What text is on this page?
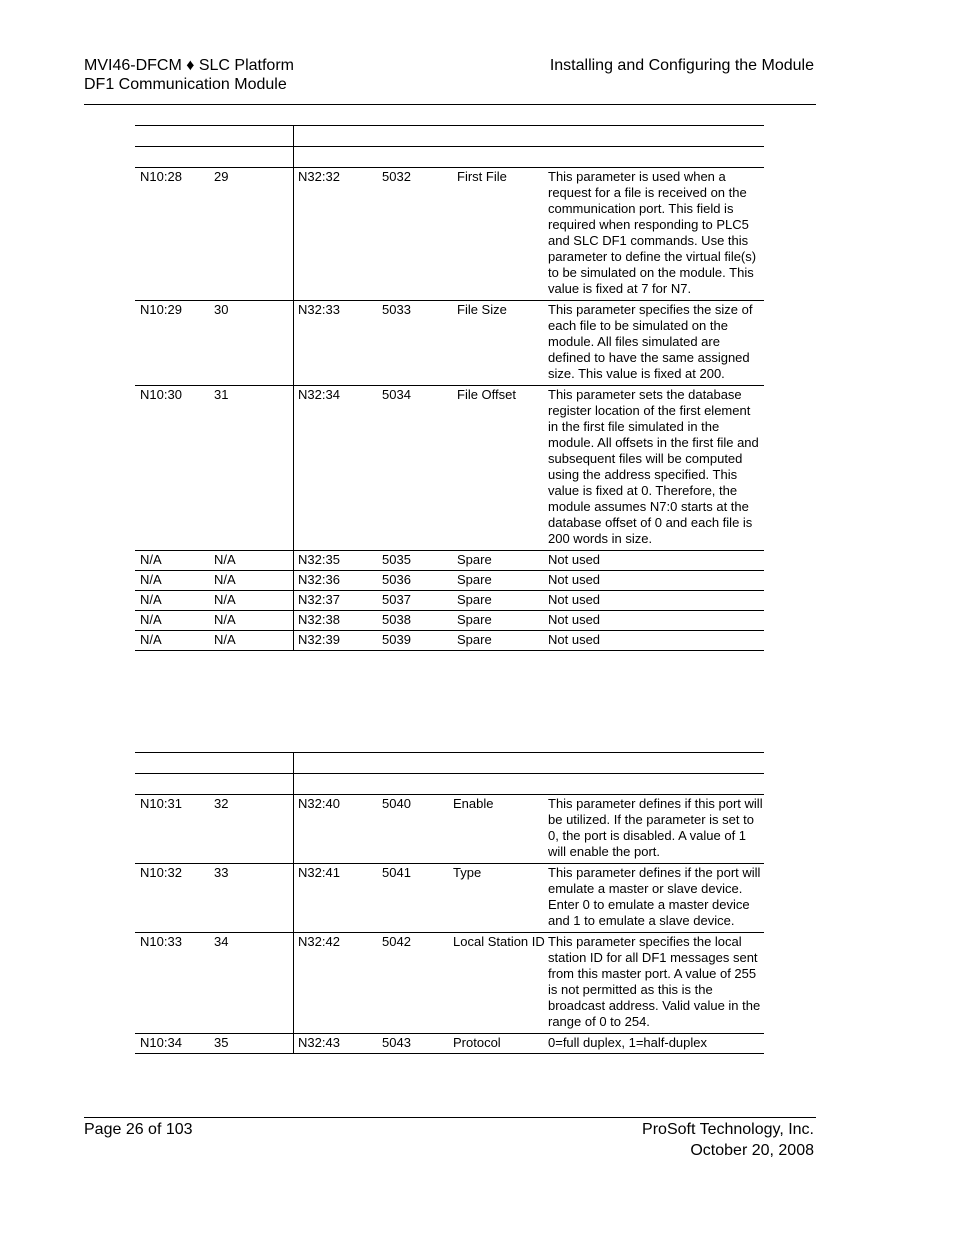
MVI46-DFCM ♦ SLC Platform
DF1 Communication Module
Installing and Configuring the Module

N10:28	29	N32:32	5032	First File	This parameter is used when a request for a file is received on the communication port. This field is required when responding to PLC5 and SLC DF1 commands. Use this parameter to define the virtual file(s) to be simulated on the module. This value is fixed at 7 for N7.
N10:29	30	N32:33	5033	File Size	This parameter specifies the size of each file to be simulated on the module. All files simulated are defined to have the same assigned size. This value is fixed at 200.
N10:30	31	N32:34	5034	File Offset	This parameter sets the database register location of the first element in the first file simulated in the module. All offsets in the first file and subsequent files will be computed using the address specified. This value is fixed at 0. Therefore, the module assumes N7:0 starts at the database offset of 0 and each file is 200 words in size.
N/A	N/A	N32:35	5035	Spare	Not used
N/A	N/A	N32:36	5036	Spare	Not used
N/A	N/A	N32:37	5037	Spare	Not used
N/A	N/A	N32:38	5038	Spare	Not used
N/A	N/A	N32:39	5039	Spare	Not used

N10:31	32	N32:40	5040	Enable	This parameter defines if this port will be utilized. If the parameter is set to 0, the port is disabled. A value of 1 will enable the port.
N10:32	33	N32:41	5041	Type	This parameter defines if the port will emulate a master or slave device. Enter 0 to emulate a master device and 1 to emulate a slave device.
N10:33	34	N32:42	5042	Local Station ID	This parameter specifies the local station ID for all DF1 messages sent from this master port. A value of 255 is not permitted as this is the broadcast address. Valid value in the range of 0 to 254.
N10:34	35	N32:43	5043	Protocol	0=full duplex, 1=half-duplex
Page 26 of 103	ProSoft Technology, Inc.
October 20, 2008
